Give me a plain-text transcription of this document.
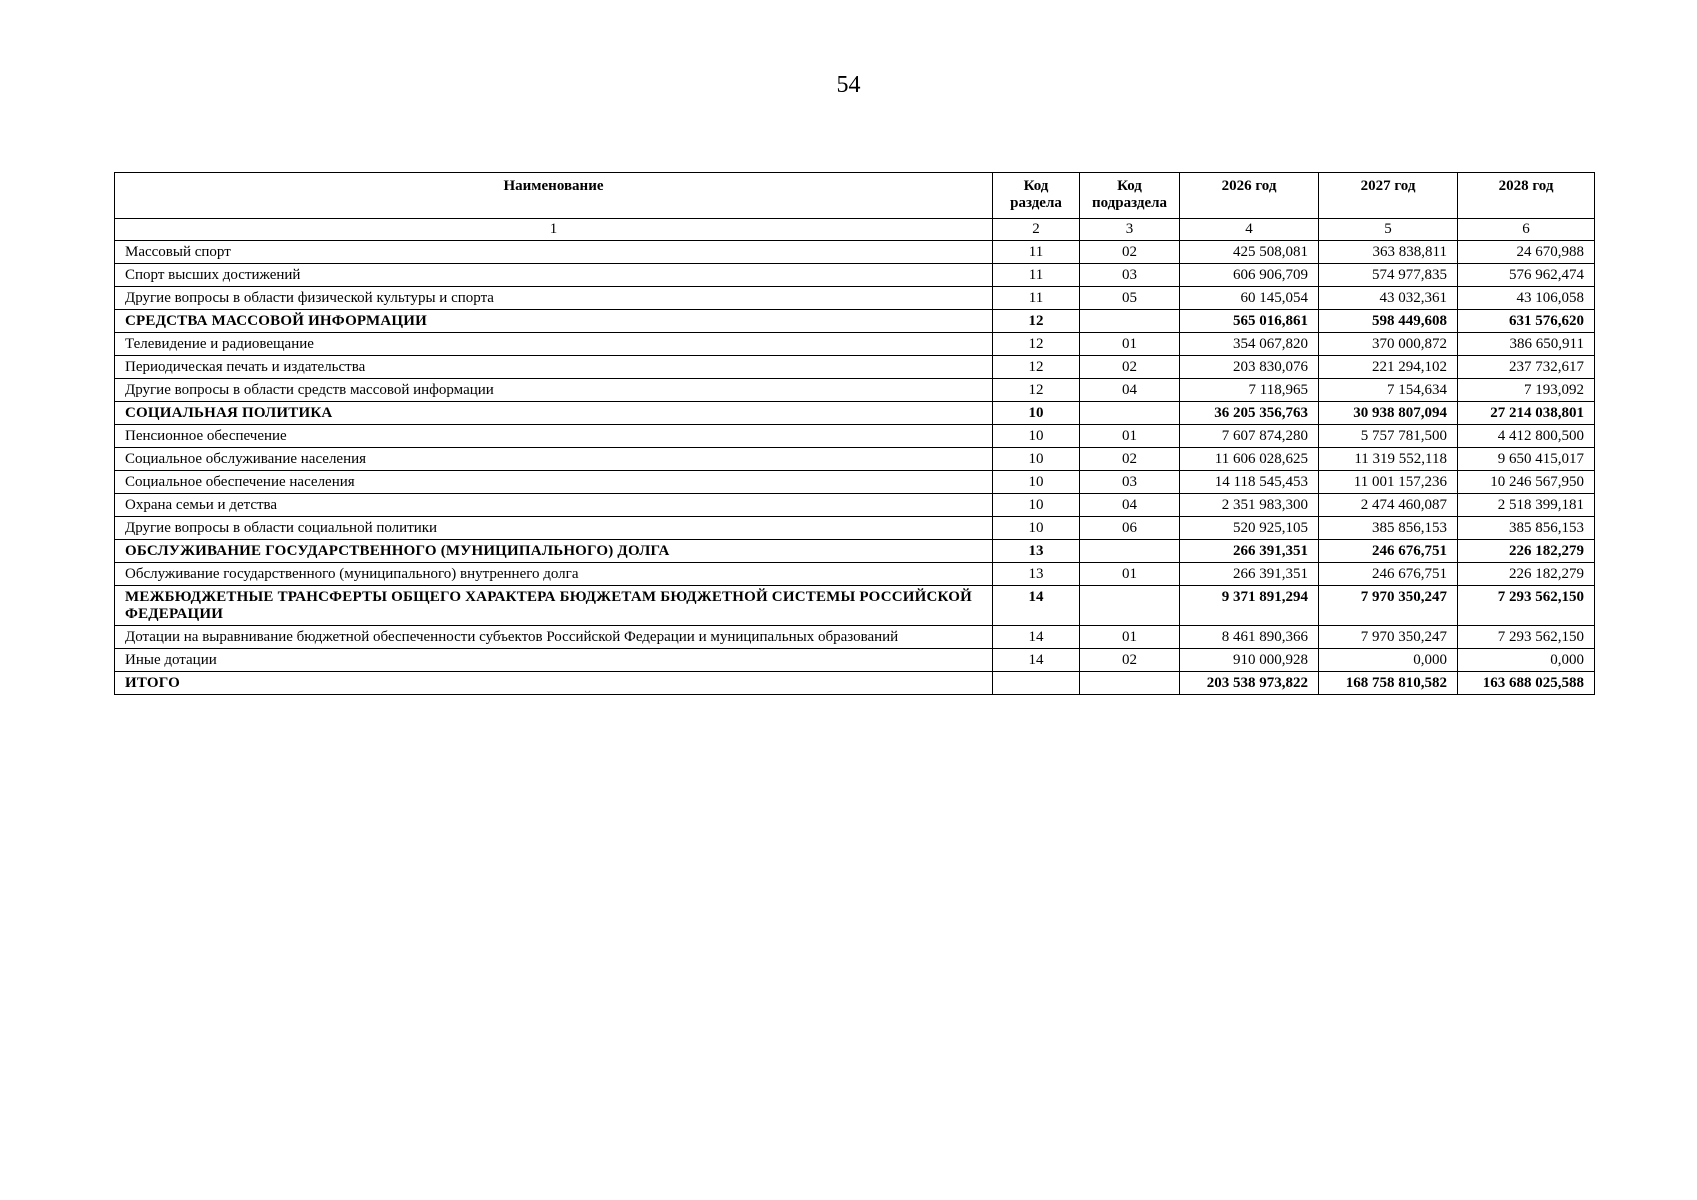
54
Наименование	Код раздела	Код подраздела	2026 год	2027 год	2028 год
1	2	3	4	5	6
Массовый спорт	11	02	425 508,081	363 838,811	24 670,988
Спорт высших достижений	11	03	606 906,709	574 977,835	576 962,474
Другие вопросы в области физической культуры и спорта	11	05	60 145,054	43 032,361	43 106,058
СРЕДСТВА МАССОВОЙ ИНФОРМАЦИИ	12		565 016,861	598 449,608	631 576,620
Телевидение и радиовещание	12	01	354 067,820	370 000,872	386 650,911
Периодическая печать и издательства	12	02	203 830,076	221 294,102	237 732,617
Другие вопросы в области средств массовой информации	12	04	7 118,965	7 154,634	7 193,092
СОЦИАЛЬНАЯ ПОЛИТИКА	10		36 205 356,763	30 938 807,094	27 214 038,801
Пенсионное обеспечение	10	01	7 607 874,280	5 757 781,500	4 412 800,500
Социальное обслуживание населения	10	02	11 606 028,625	11 319 552,118	9 650 415,017
Социальное обеспечение населения	10	03	14 118 545,453	11 001 157,236	10 246 567,950
Охрана семьи и детства	10	04	2 351 983,300	2 474 460,087	2 518 399,181
Другие вопросы в области социальной политики	10	06	520 925,105	385 856,153	385 856,153
ОБСЛУЖИВАНИЕ ГОСУДАРСТВЕННОГО (МУНИЦИПАЛЬНОГО) ДОЛГА	13		266 391,351	246 676,751	226 182,279
Обслуживание государственного (муниципального) внутреннего долга	13	01	266 391,351	246 676,751	226 182,279
МЕЖБЮДЖЕТНЫЕ ТРАНСФЕРТЫ ОБЩЕГО ХАРАКТЕРА БЮДЖЕТАМ БЮДЖЕТНОЙ СИСТЕМЫ РОССИЙСКОЙ ФЕДЕРАЦИИ	14		9 371 891,294	7 970 350,247	7 293 562,150
Дотации на выравнивание бюджетной обеспеченности субъектов Российской Федерации и муниципальных образований	14	01	8 461 890,366	7 970 350,247	7 293 562,150
Иные дотации	14	02	910 000,928	0,000	0,000
ИТОГО			203 538 973,822	168 758 810,582	163 688 025,588
